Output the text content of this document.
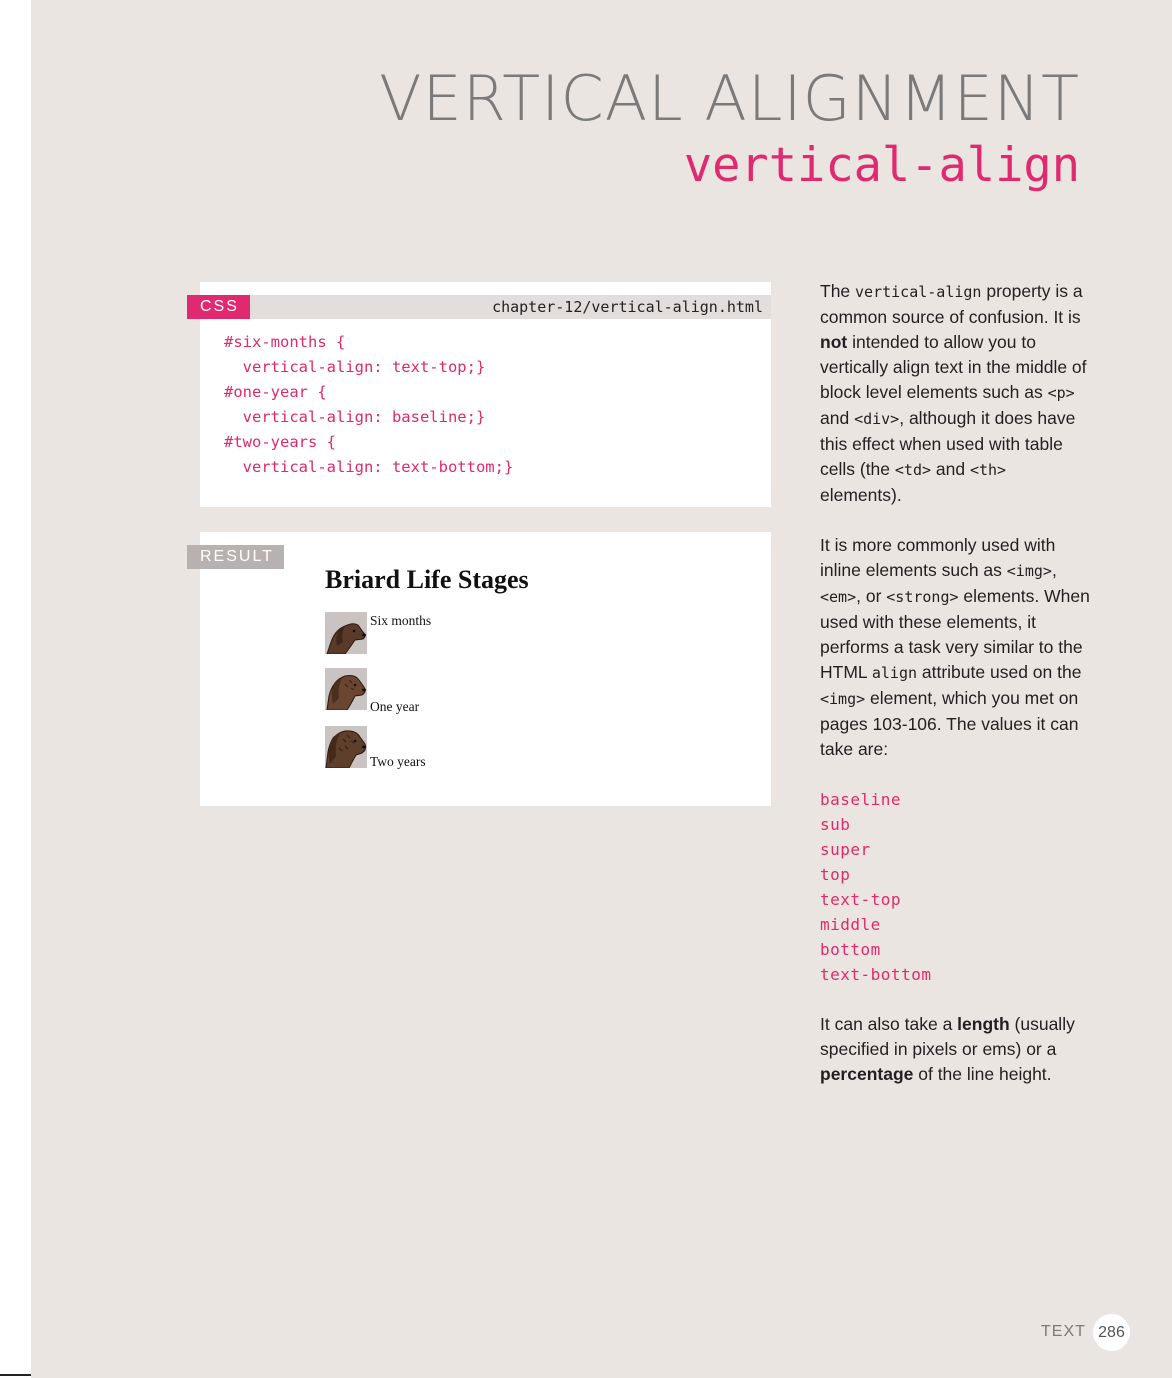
VERTICAL ALIGNMENT
vertical-align
chapter-12/vertical-align.html
#six-months {
vertical-align: text-top;}
#one-year {
vertical-align: baseline;}
#two-years {
vertical-align: text-bottom;}
CSS
Briard Life Stages
Six months
One year
Two years
RESULT

The vertical-align property is a common source of confusion. It is not intended to allow you to vertically align text in the middle of block level elements such as <p> and <div>, although it does have this effect when used with table cells (the <td> and <th> elements).

It is more commonly used with inline elements such as <img>, <em>, or <strong> elements. When used with these elements, it performs a task very similar to the HTML align attribute used on the <img> element, which you met on pages 103-106. The values it can take are:

baseline
sub
super
top
text-top
middle
bottom
text-bottom

It can also take a length (usually specified in pixels or ems) or a percentage of the line height.

TEXT 286
